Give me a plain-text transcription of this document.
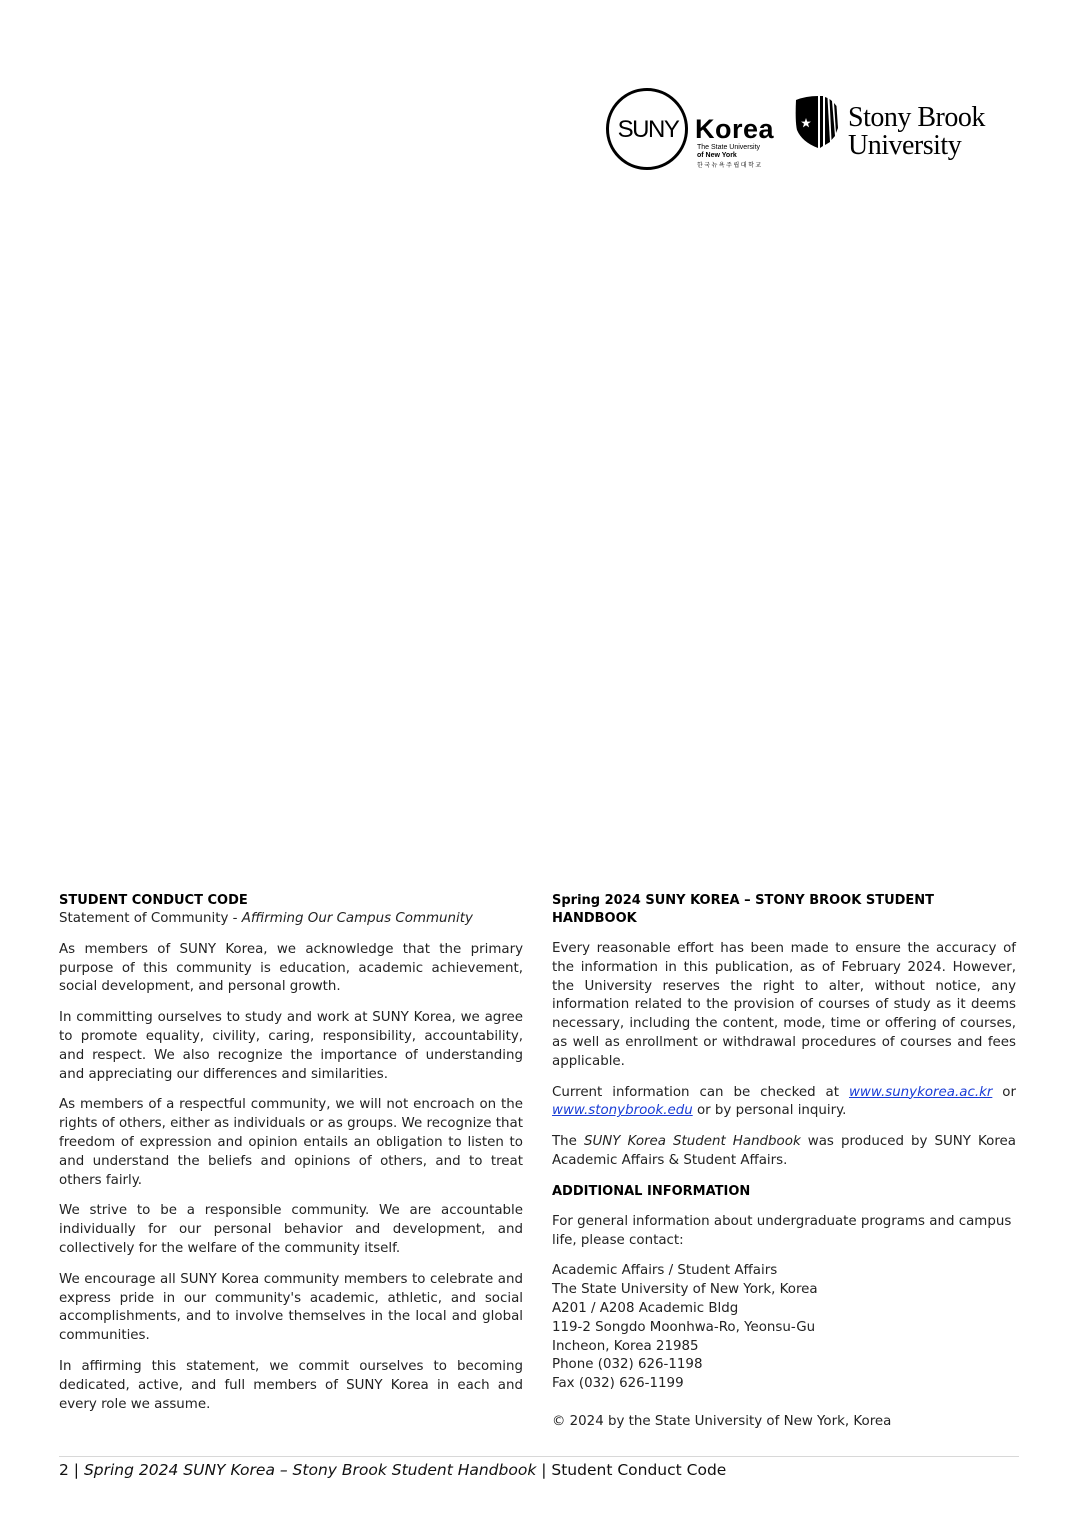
SUNY Korea
The State University
of New York
한국뉴욕주립대학교
Stony Brook
University
STUDENT CONDUCT CODE
Statement of Community - Affirming Our Campus Community

As members of SUNY Korea, we acknowledge that the primary purpose of this community is education, academic achievement, social development, and personal growth.

In committing ourselves to study and work at SUNY Korea, we agree to promote equality, civility, caring, responsibility, accountability, and respect. We also recognize the importance of understanding and appreciating our differences and similarities.

As members of a respectful community, we will not encroach on the rights of others, either as individuals or as groups. We recognize that freedom of expression and opinion entails an obligation to listen to and understand the beliefs and opinions of others, and to treat others fairly.

We strive to be a responsible community. We are accountable individually for our personal behavior and development, and collectively for the welfare of the community itself.

We encourage all SUNY Korea community members to celebrate and express pride in our community's academic, athletic, and social accomplishments, and to involve themselves in the local and global communities.

In affirming this statement, we commit ourselves to becoming dedicated, active, and full members of SUNY Korea in each and every role we assume.

Spring 2024 SUNY KOREA – STONY BROOK STUDENT HANDBOOK

Every reasonable effort has been made to ensure the accuracy of the information in this publication, as of February 2024. However, the University reserves the right to alter, without notice, any information related to the provision of courses of study as it deems necessary, including the content, mode, time or offering of courses, as well as enrollment or withdrawal procedures of courses and fees applicable.

Current information can be checked at www.sunykorea.ac.kr or www.stonybrook.edu or by personal inquiry.

The SUNY Korea Student Handbook was produced by SUNY Korea Academic Affairs & Student Affairs.

ADDITIONAL INFORMATION

For general information about undergraduate programs and campus life, please contact:

Academic Affairs / Student Affairs
The State University of New York, Korea
A201 / A208 Academic Bldg
119-2 Songdo Moonhwa-Ro, Yeonsu-Gu
Incheon, Korea 21985
Phone (032) 626-1198
Fax (032) 626-1199
© 2024 by the State University of New York, Korea
2 | Spring 2024 SUNY Korea – Stony Brook Student Handbook | Student Conduct Code
